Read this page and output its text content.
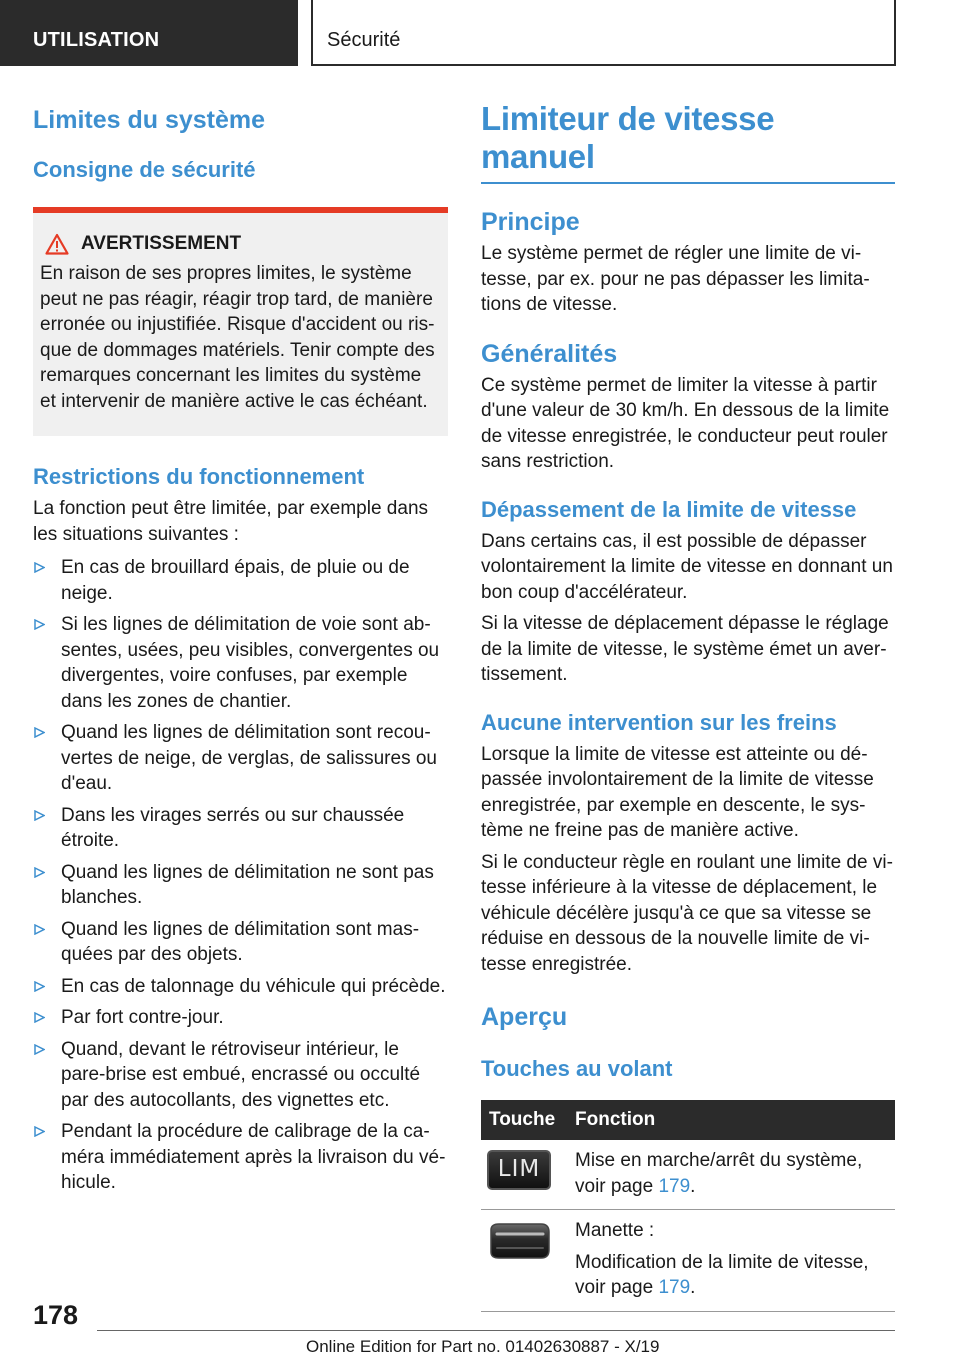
UTILISATION	Sécurité
Limites du système
Consigne de sécurité
AVERTISSEMENT

En raison de ses propres limites, le système peut ne pas réagir, réagir trop tard, de manière erronée ou injustifiée. Risque d'accident ou risque de dommages matériels. Tenir compte des remarques concernant les limites du système et intervenir de manière active le cas échéant.

Restrictions du fonctionnement

La fonction peut être limitée, par exemple dans les situations suivantes :

En cas de brouillard épais, de pluie ou de neige.
Si les lignes de délimitation de voie sont absentes, usées, peu visibles, convergentes ou divergentes, voire confuses, par exemple dans les zones de chantier.
Quand les lignes de délimitation sont recouvertes de neige, de verglas, de salissures ou d'eau.
Dans les virages serrés ou sur chaussée étroite.
Quand les lignes de délimitation ne sont pas blanches.
Quand les lignes de délimitation sont masquées par des objets.
En cas de talonnage du véhicule qui précède.
Par fort contre-jour.
Quand, devant le rétroviseur intérieur, le pare-brise est embué, encrassé ou occulté par des autocollants, des vignettes etc.
Pendant la procédure de calibrage de la caméra immédiatement après la livraison du véhicule.
Limiteur de vitesse manuel
Principe

Le système permet de régler une limite de vitesse, par ex. pour ne pas dépasser les limitations de vitesse.

Généralités

Ce système permet de limiter la vitesse à partir d'une valeur de 30 km/h. En dessous de la limite de vitesse enregistrée, le conducteur peut rouler sans restriction.

Dépassement de la limite de vitesse

Dans certains cas, il est possible de dépasser volontairement la limite de vitesse en donnant un bon coup d'accélérateur.

Si la vitesse de déplacement dépasse le réglage de la limite de vitesse, le système émet un avertissement.

Aucune intervention sur les freins

Lorsque la limite de vitesse est atteinte ou dépassée involontairement de la limite de vitesse enregistrée, par exemple en descente, le système ne freine pas de manière active.

Si le conducteur règle en roulant une limite de vitesse inférieure à la vitesse de déplacement, le véhicule décélère jusqu'à ce que sa vitesse se réduise en dessous de la nouvelle limite de vitesse enregistrée.

Aperçu
Touches au volant
Touche	Fonction

LIM	Mise en marche/arrêt du système, voir page 179.

Manette :

Modification de la limite de vitesse, voir page 179.
178
Online Edition for Part no. 01402630887 - X/19
